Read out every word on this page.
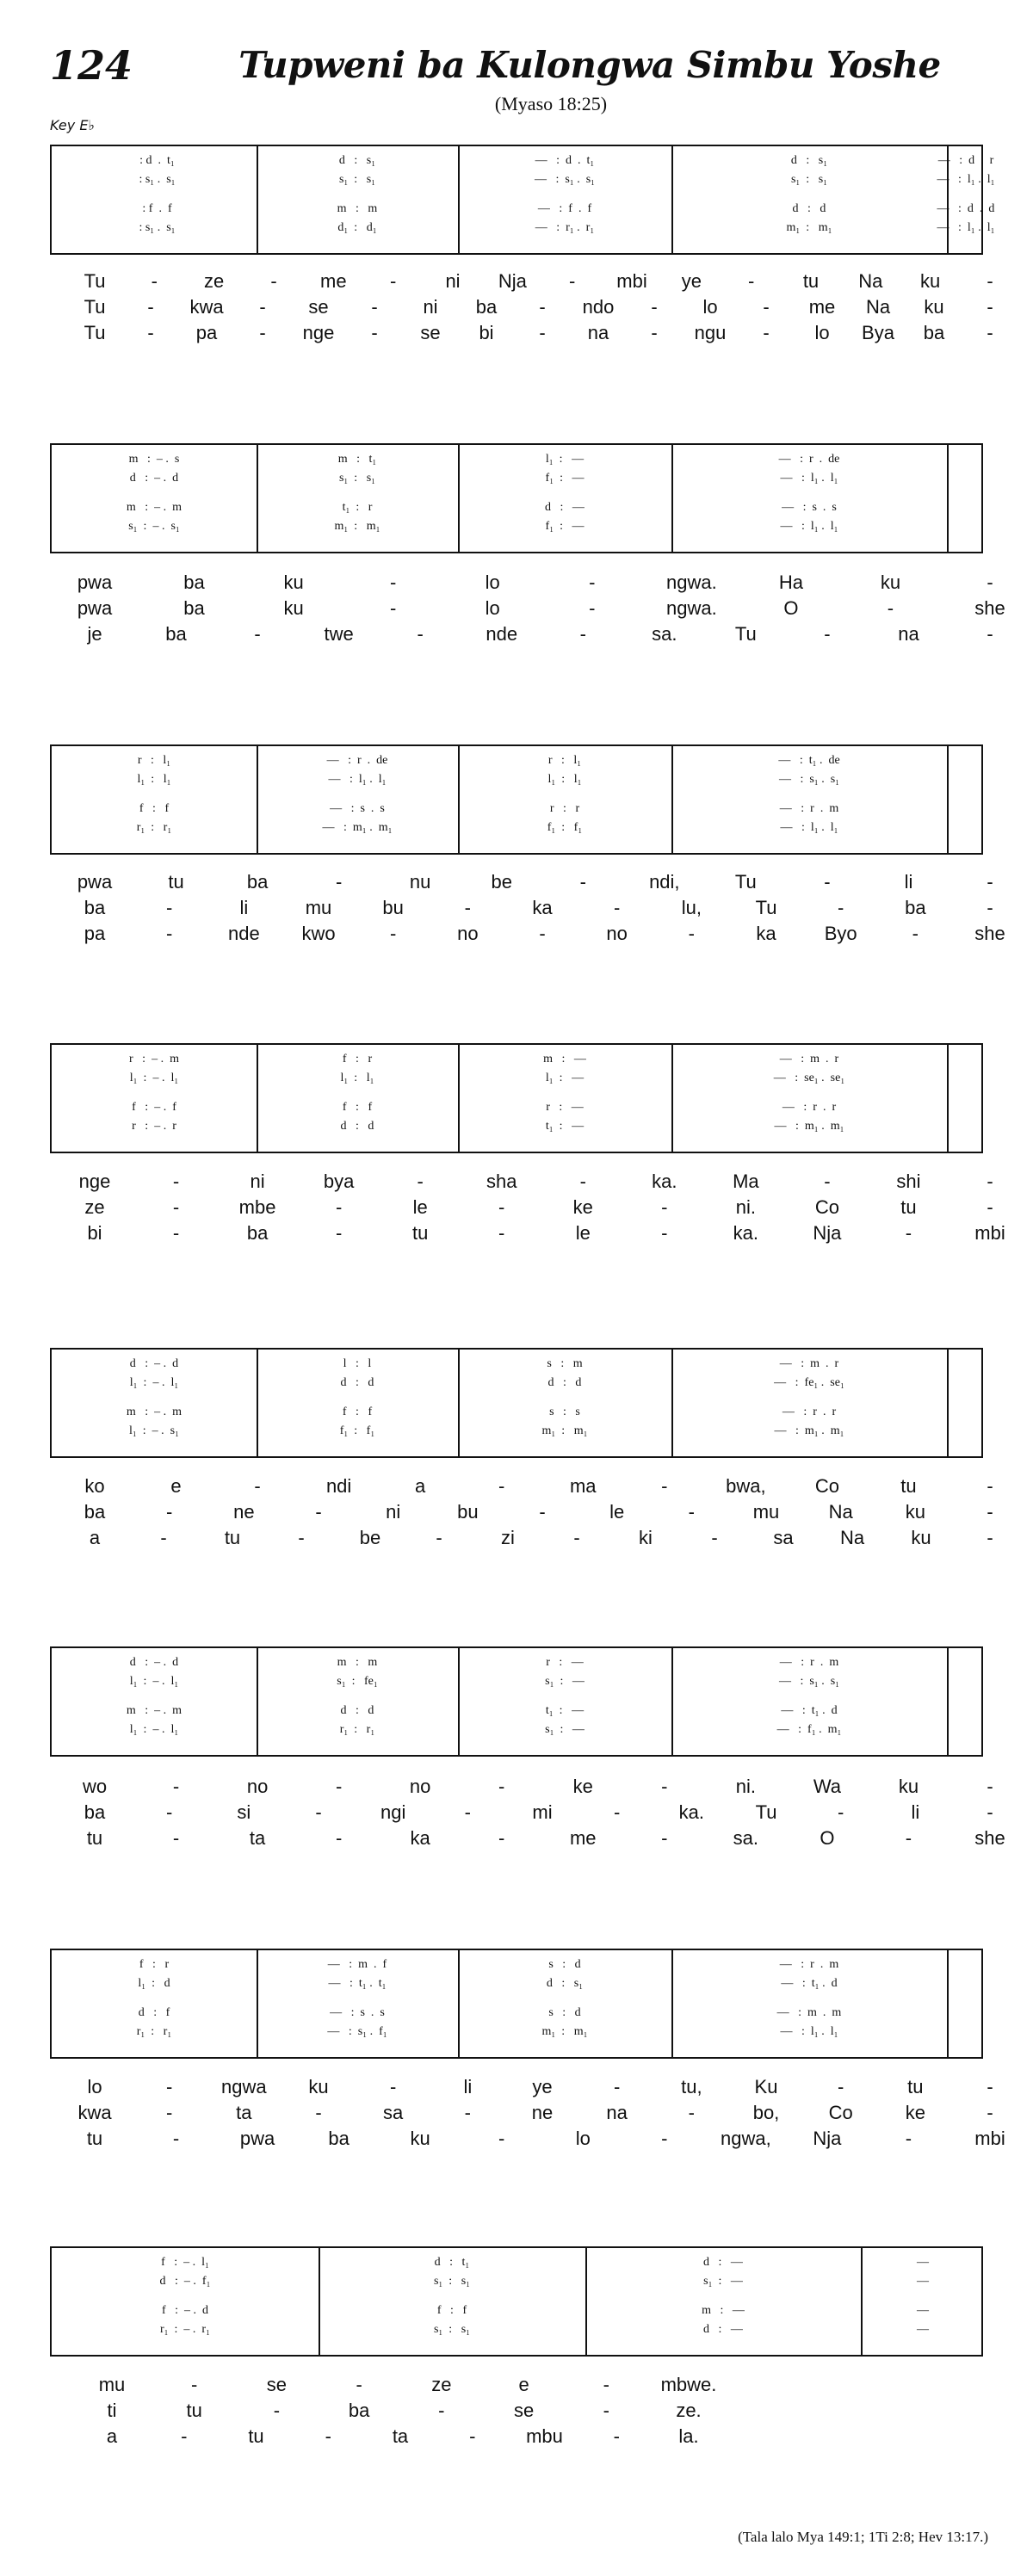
124	Tupweni ba Kulongwa Simbu Yoshe
(Myaso 18:25)
Key E♭
: d  .  t₁	d   :   s₁	—   :  d  .  t₁	d   :   s₁	—   :  d  .  r
: s₁ .  s₁	s₁  :   s₁	—   :  s₁ .  s₁	s₁  :   s₁	—   :  l₁ .  l₁
: f  .  f	m   :   m	—   :  f  .  f	d   :   d	—   :  d  .  d
: s₁ .  s₁	d₁  :   d₁	—   :  r₁ .  r₁	m₁  :   m₁	—   :  l₁ .  l₁
Tu - ze - me -	ni Nja - mbi ye -	tu Na ku -
Tu - kwa - se - ni ba - ndo - lo - me Na ku -
Tu - pa - nge - se bi - na - ngu - lo Bya ba -
m   :  – .  s	m   :   t₁	l₁  :   —	—   :  r  .  de
d   :  – .  d	s₁  :   s₁	f₁  :   —	—   :  l₁ .  l₁
m   :  – .  m	t₁  :   r	d   :   —	—   :  s  .  s
s₁  :  – .  s₁	m₁  :   m₁	f₁  :   —	—   :  l₁ .  l₁
pwa	ba	ku	-	lo	-	ngwa.	Ha	ku	-
pwa	ba	ku	-	lo	-	ngwa.	O	-	she
je	ba	-	twe	-	nde	-	sa.	Tu	-	na	-
r   :   l₁	—   :  r  .  de	r   :   l₁	—   :  t₁ .  de
l₁  :   l₁	—   :  l₁ .  l₁	l₁  :   l₁	—   :  s₁ .  s₁
f   :   f	—   :  s  .  s	r   :   r	—   :  r  .  m
r₁  :   r₁	—   :  m₁ .  m₁	f₁  :   f₁	—   :  l₁ .  l₁
pwa	tu	ba	-	nu	be	-	ndi,	Tu	-	li	-
ba	-	li	mu	bu	-	ka	-	lu,	Tu	-	ba	-
pa	-	nde kwo	-	no	-	no	-	ka	Byo	-	she
r   :  – .  m	f   :   r	m   :   —	—   :  m  .  r
l₁  :  – .  l₁	l₁  :   l₁	l₁  :   —	—   :  se₁ .  se₁
f   :  – .  f	f   :   f	r   :   —	—   :  r  .  r
r   :  – .  r	d   :   d	t₁  :   —	—   :  m₁ .  m₁
nge	-	ni	bya	-	sha	-	ka.	Ma	-	shi	-
ze	-	mbe	-	le	-	ke	-	ni.	Co	tu	-
bi	-	ba	-	tu	-	le	-	ka.	Nja	-	mbi
d   :  – .  d	l   :   l	s   :   m	—   :  m  .  r
l₁  :  – .  l₁	d   :   d	d   :   d	—   :  fe₁ .  se₁
m   :  – .  m	f   :   f	s   :   s	—   :  r  .  r
l₁  :  – .  s₁	f₁  :   f₁	m₁  :   m₁	—   :  m₁ .  m₁
ko	e	-	ndi	a	-	ma	-	bwa,	Co	tu	-
ba	-	ne	-	ni	bu	-	le	-	mu	Na	ku	-
a	-	tu	-	be	-	zi	-	ki	-	sa Na ku	-
d   :  – .  d	m   :   m	r   :   —	—   :  r  .  m
l₁  :  – .  l₁	s₁  :   fe₁	s₁  :   —	—   :  s₁ .  s₁
m   :  – .  m	d   :   d	t₁  :   —	—   :  t₁ .  d
l₁  :  – .  l₁	r₁  :   r₁	s₁  :   —	—   :  f₁ .  m₁
wo	-	no	-	no	-	ke	-	ni.	Wa	ku	-
ba	-	si	-	ngi	-	mi	-	ka.	Tu	-	li	-
tu	-	ta	-	ka	-	me	-	sa.	O	-	she
f   :   r	—   :  m  .  f	s   :   d	—   :  r  .  m
l₁  :   d	—   :  t₁ .  t₁	d   :   s₁	—   :  t₁ .  d
d   :   f	—   :  s  .  s	s   :   d	—   :  m  .  m
r₁  :   r₁	—   :  s₁ .  f₁	m₁  :   m₁	—   :  l₁ .  l₁
lo	-	ngwa ku	-	li	ye	-	tu,	Ku	-	tu	-
kwa	-	ta	-	sa	-	ne	na	-	bo,	Co	ke	-
tu	-	pwa	ba	ku	-	lo	-	ngwa, Nja	-	mbi
f   :  – .  l₁	d   :   t₁	d   :   —	—
d   :  – .  f₁	s₁  :   s₁	s₁  :   —	—
f   :  – .  d	f   :   f	m   :   —	—
r₁  :  – .  r₁	s₁  :   s₁	d   :   —	—
mu	-	se	-	ze	e	-	mbwe.
ti	tu	-	ba	-	se	-	ze.
a	-	tu	-	ta	-	mbu	-	la.
(Tala lalo Mya 149:1; 1Ti 2:8; Hev 13:17.)
